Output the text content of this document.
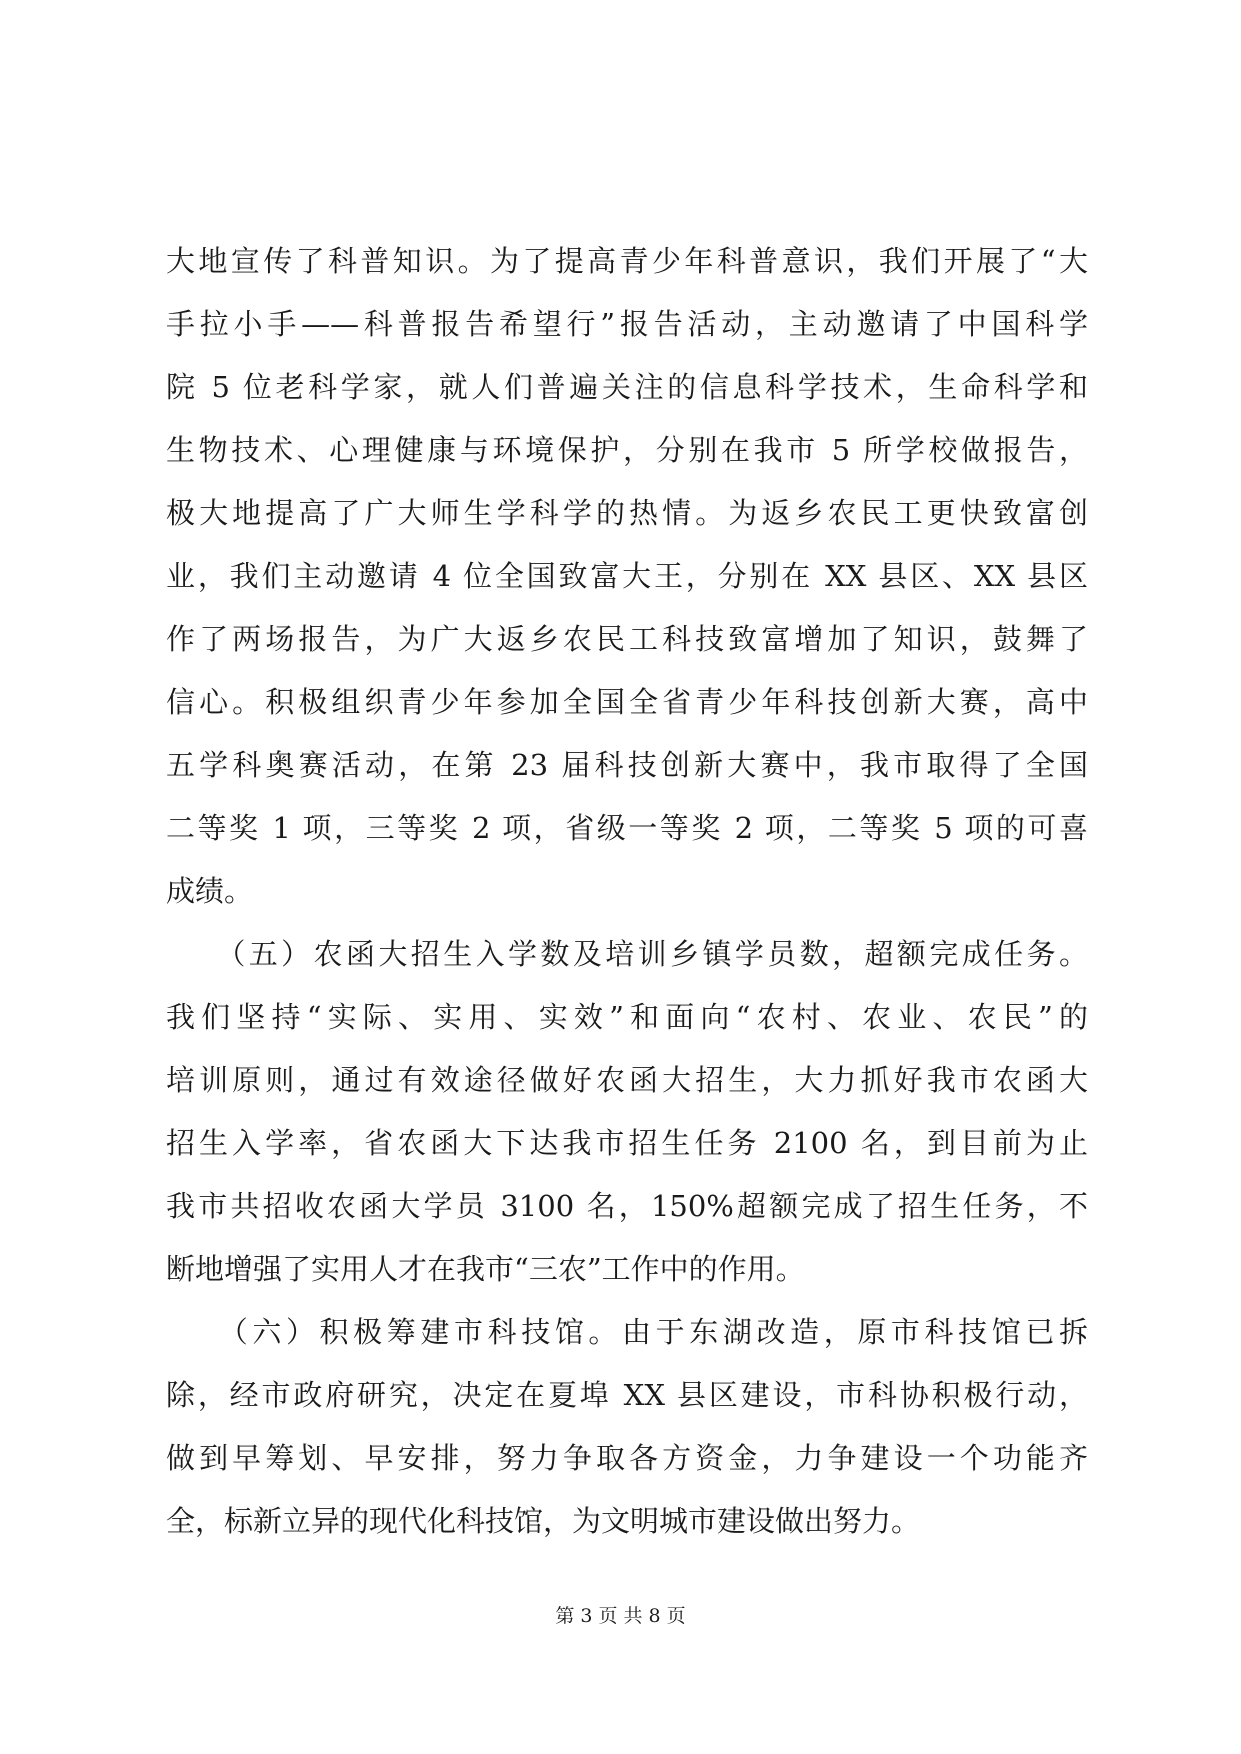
大地宣传了科普知识。为了提高青少年科普意识，我们开展了“大
手拉小手——科普报告希望行”报告活动，主动邀请了中国科学
院 5 位老科学家，就人们普遍关注的信息科学技术，生命科学和
生物技术、心理健康与环境保护，分别在我市 5 所学校做报告，
极大地提高了广大师生学科学的热情。为返乡农民工更快致富创
业，我们主动邀请 4 位全国致富大王，分别在 XX 县区、XX 县区
作了两场报告，为广大返乡农民工科技致富增加了知识，鼓舞了
信心。积极组织青少年参加全国全省青少年科技创新大赛，高中
五学科奥赛活动，在第 23 届科技创新大赛中，我市取得了全国
二等奖 1 项，三等奖 2 项，省级一等奖 2 项，二等奖 5 项的可喜
成绩。
　　（五）农函大招生入学数及培训乡镇学员数，超额完成任务。
我们坚持“实际、实用、实效”和面向“农村、农业、农民”的
培训原则，通过有效途径做好农函大招生，大力抓好我市农函大
招生入学率，省农函大下达我市招生任务 2100 名，到目前为止
我市共招收农函大学员 3100 名，150%超额完成了招生任务，不
断地增强了实用人才在我市“三农”工作中的作用。
　　（六）积极筹建市科技馆。由于东湖改造，原市科技馆已拆
除，经市政府研究，决定在夏埠 XX 县区建设，市科协积极行动，
做到早筹划、早安排，努力争取各方资金，力争建设一个功能齐
全，标新立异的现代化科技馆，为文明城市建设做出努力。
第 3 页 共 8 页
